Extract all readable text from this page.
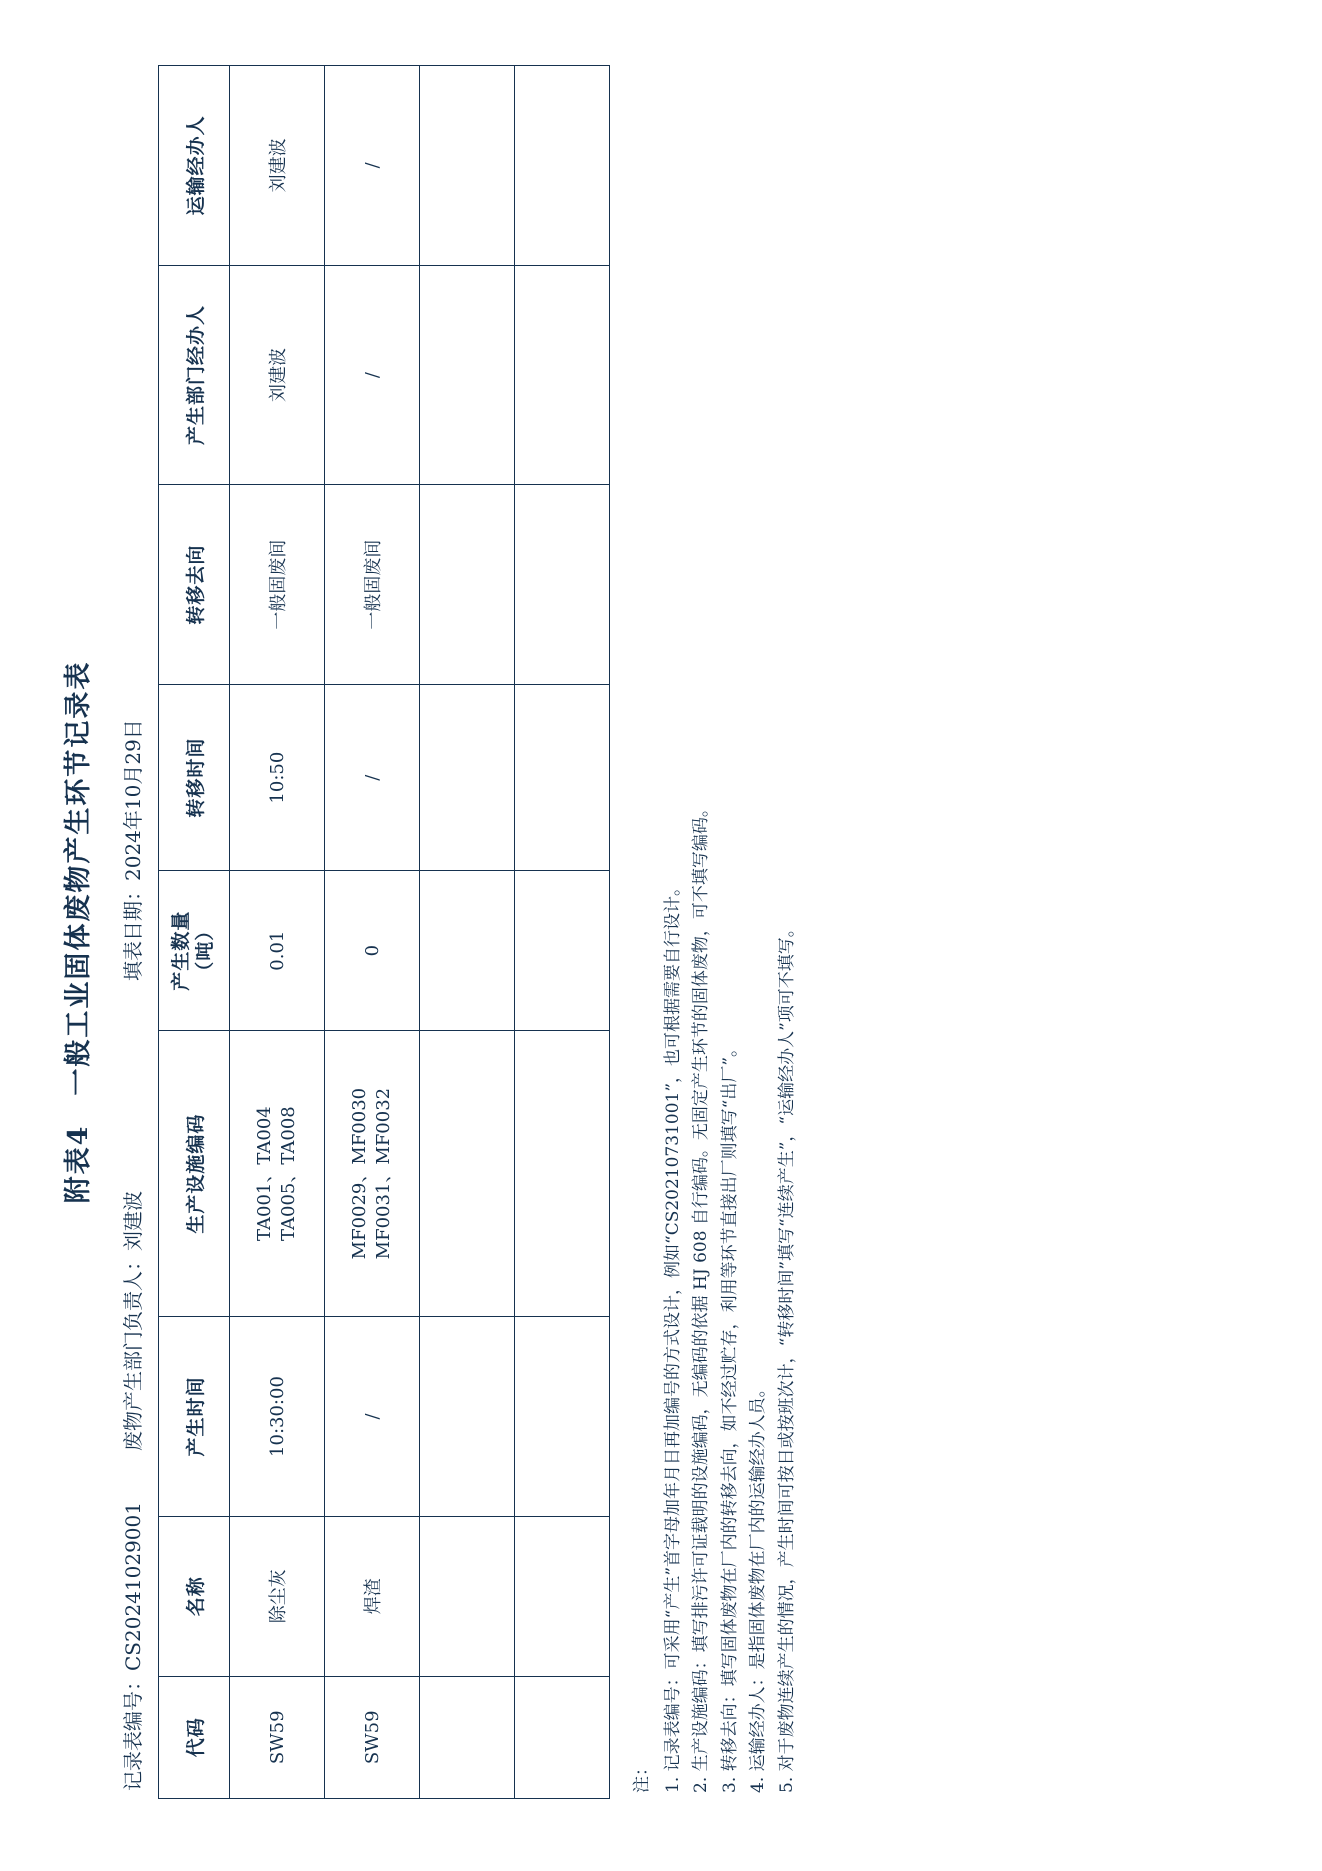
附表4　一般工业固体废物产生环节记录表
记录表编号：CS20241029001
废物产生部门负责人：刘建波
填表日期：2024年10月29日
代码	名称	产生时间	生产设施编码	产生数量 （吨）	转移时间	转移去向	产生部门经办人	运输经办人
SW59	除尘灰	10:30:00	TA001、TA004 TA005、TA008	0.01	10:50	一般固废间	刘建波	刘建波
SW59	焊渣	/	MF0029、MF0030 MF0031、MF0032	0	/	一般固废间	/	/

注： 1. 记录表编号：可采用“产生”首字母加年月日再加编号的方式设计，例如“CS20210731001”，也可根据需要自行设计。 2. 生产设施编码：填写排污许可证载明的设施编码，无编码的依据 HJ 608 自行编码。无固定产生环节的固体废物，可不填写编码。 3. 转移去向：填写固体废物在厂内的转移去向，如不经过贮存，利用等环节直接出厂则填写“出厂”。 4. 运输经办人：是指固体废物在厂内的运输经办人员。 5. 对于废物连续产生的情况，产生时间可按日或按班次计，“转移时间”填写“连续产生”，“运输经办人”项可不填写。
